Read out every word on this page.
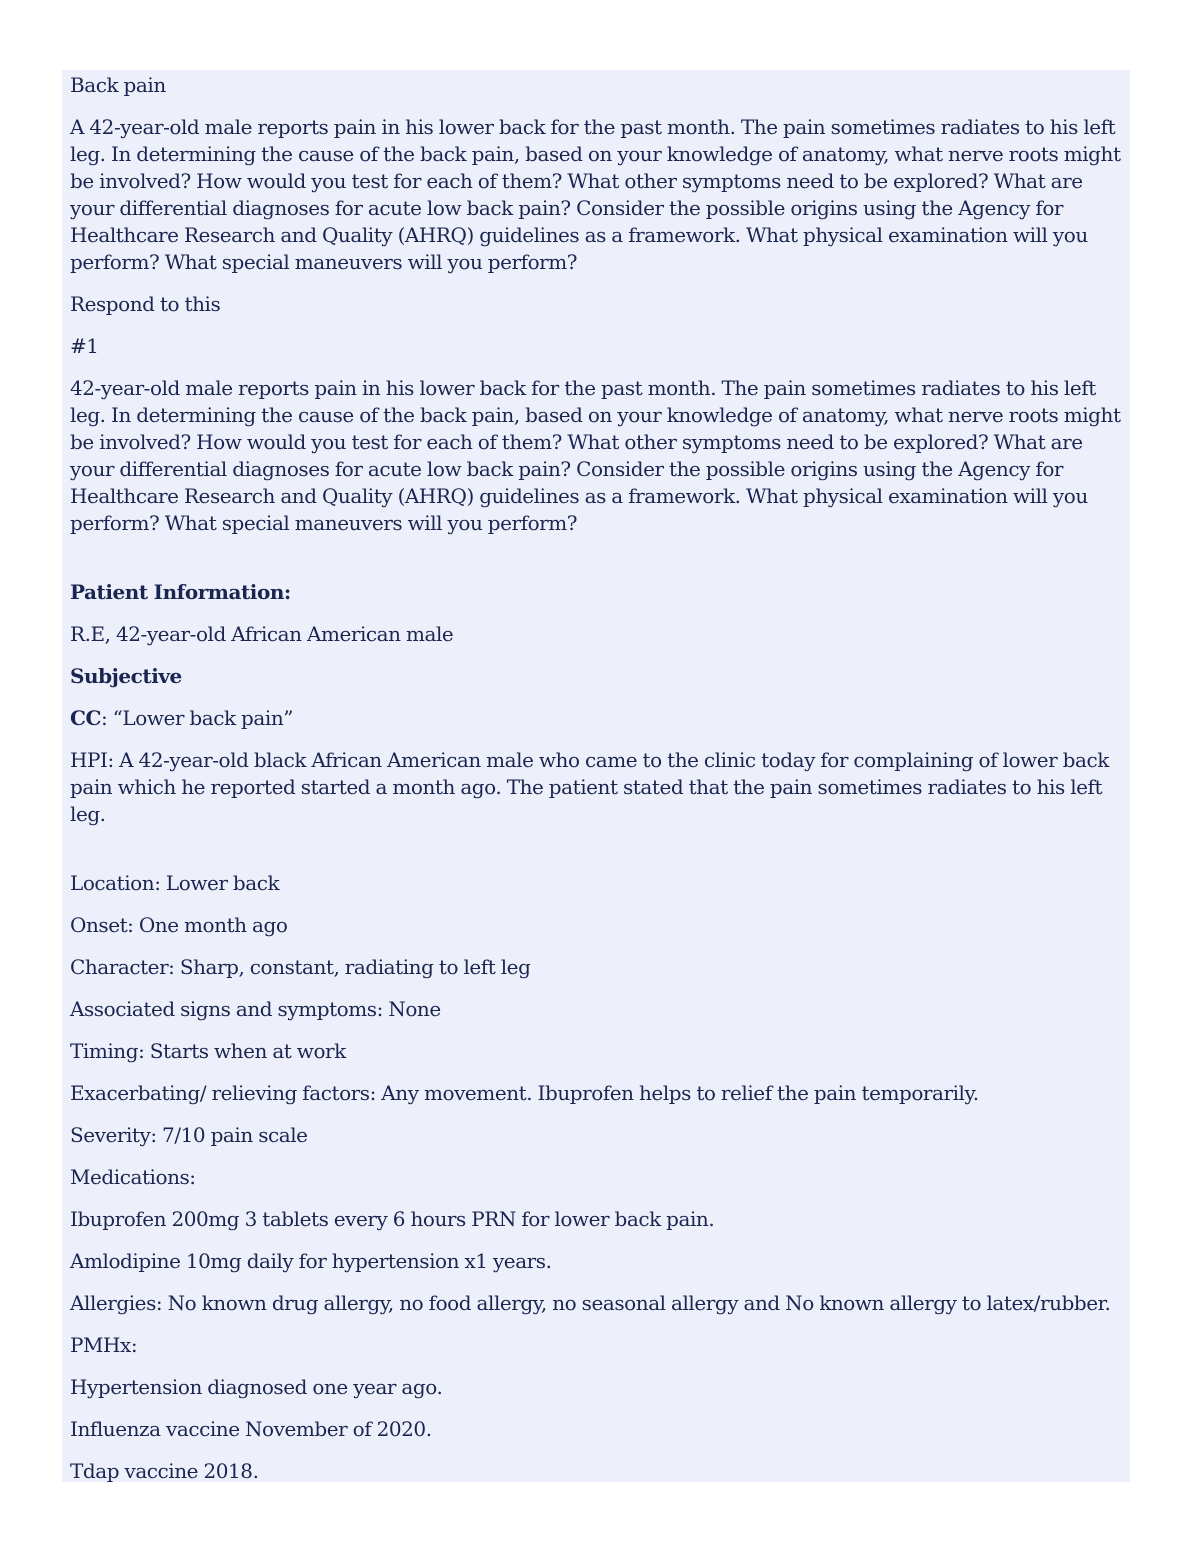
Back pain

A 42-year-old male reports pain in his lower back for the past month. The pain sometimes radiates to his left leg. In determining the cause of the back pain, based on your knowledge of anatomy, what nerve roots might be involved? How would you test for each of them? What other symptoms need to be explored? What are your differential diagnoses for acute low back pain? Consider the possible origins using the Agency for Healthcare Research and Quality (AHRQ) guidelines as a framework. What physical examination will you perform? What special maneuvers will you perform?

Respond to this

#1

42-year-old male reports pain in his lower back for the past month. The pain sometimes radiates to his left leg. In determining the cause of the back pain, based on your knowledge of anatomy, what nerve roots might be involved? How would you test for each of them? What other symptoms need to be explored? What are your differential diagnoses for acute low back pain? Consider the possible origins using the Agency for Healthcare Research and Quality (AHRQ) guidelines as a framework. What physical examination will you perform? What special maneuvers will you perform?

Patient Information:

R.E, 42-year-old African American male

Subjective

CC: “Lower back pain”

HPI: A 42-year-old black African American male who came to the clinic today for complaining of lower back pain which he reported started a month ago. The patient stated that the pain sometimes radiates to his left leg.

Location: Lower back

Onset: One month ago

Character: Sharp, constant, radiating to left leg

Associated signs and symptoms: None

Timing: Starts when at work

Exacerbating/ relieving factors: Any movement. Ibuprofen helps to relief the pain temporarily.

Severity: 7/10 pain scale

Medications:

Ibuprofen 200mg 3 tablets every 6 hours PRN for lower back pain.

Amlodipine 10mg daily for hypertension x1 years.

Allergies: No known drug allergy, no food allergy, no seasonal allergy and No known allergy to latex/rubber.

PMHx:

Hypertension diagnosed one year ago.

Influenza vaccine November of 2020.

Tdap vaccine 2018.
